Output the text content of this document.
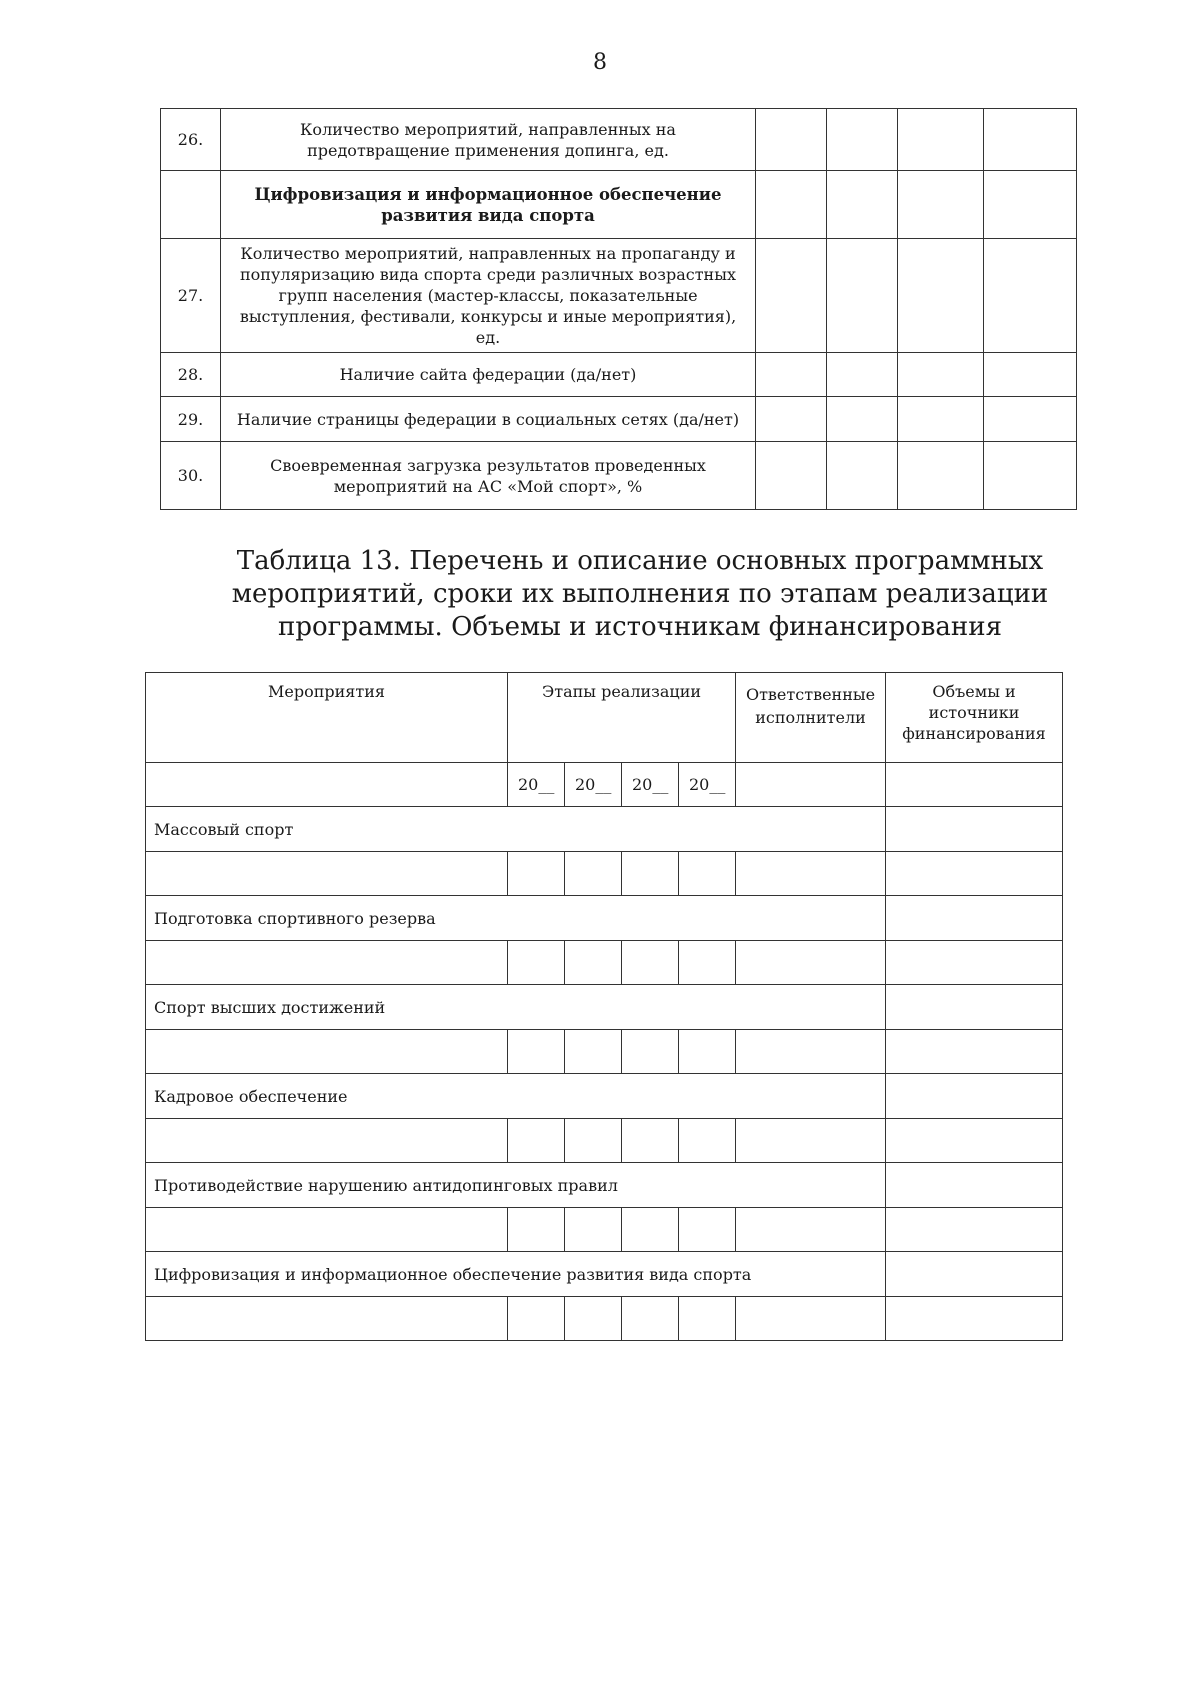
8
26.	Количество мероприятий, направленных на предотвращение применения допинга, ед.				
	Цифровизация и информационное обеспечение развития вида спорта				
27.	Количество мероприятий, направленных на пропаганду и популяризацию вида спорта среди различных возрастных групп населения (мастер-классы, показательные выступления, фестивали, конкурсы и иные мероприятия), ед.				
28.	Наличие сайта федерации (да/нет)				
29.	Наличие страницы федерации в социальных сетях (да/нет)				
30.	Своевременная загрузка результатов проведенных мероприятий на АС «Мой спорт», %				
Таблица 13. Перечень и описание основных программных мероприятий, сроки их выполнения по этапам реализации программы. Объемы и источникам финансирования
Мероприятия	Этапы реализации				Ответственные исполнители	Объемы и источники финансирования
	20__	20__	20__	20__		
Массовый спорт						

Подготовка спортивного резерва						

Спорт высших достижений						

Кадровое обеспечение						

Противодействие нарушению антидопинговых правил						

Цифровизация и информационное обеспечение развития вида спорта						
